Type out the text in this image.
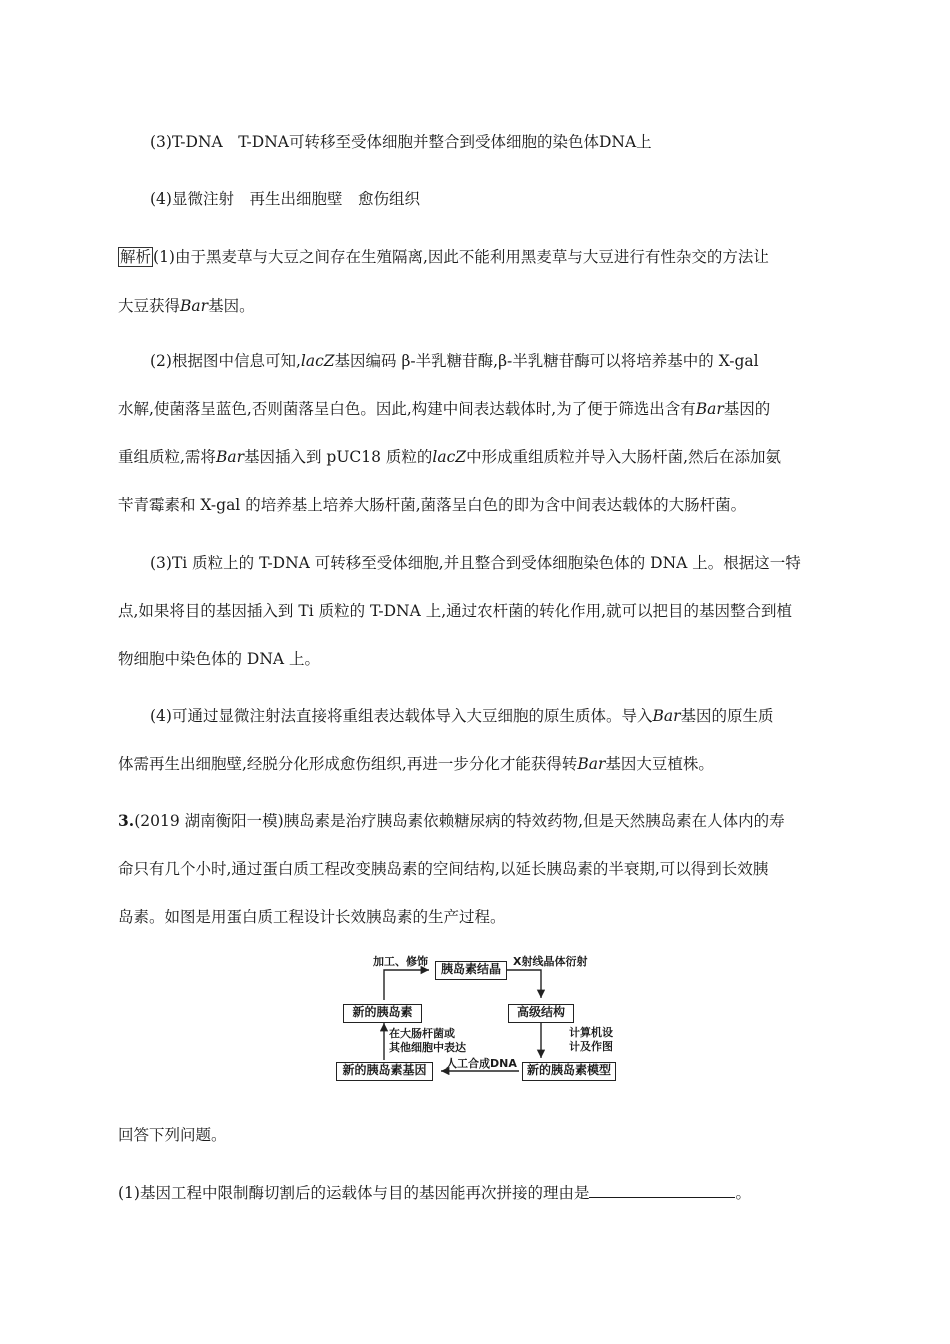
(3)T-DNA　T-DNA可转移至受体细胞并整合到受体细胞的染色体DNA上
(4)显微注射　再生出细胞壁　愈伤组织
解析 (1)由于黑麦草与大豆之间存在生殖隔离,因此不能利用黑麦草与大豆进行有性杂交的方法让
大豆获得Bar基因。
(2)根据图中信息可知,lacZ基因编码 β-半乳糖苷酶,β-半乳糖苷酶可以将培养基中的 X-gal
水解,使菌落呈蓝色,否则菌落呈白色。因此,构建中间表达载体时,为了便于筛选出含有Bar基因的
重组质粒,需将Bar基因插入到 pUC18 质粒的lacZ中形成重组质粒并导入大肠杆菌,然后在添加氨
苄青霉素和 X-gal 的培养基上培养大肠杆菌,菌落呈白色的即为含中间表达载体的大肠杆菌。
(3)Ti 质粒上的 T-DNA 可转移至受体细胞,并且整合到受体细胞染色体的 DNA 上。根据这一特
点,如果将目的基因插入到 Ti 质粒的 T-DNA 上,通过农杆菌的转化作用,就可以把目的基因整合到植
物细胞中染色体的 DNA 上。
(4)可通过显微注射法直接将重组表达载体导入大豆细胞的原生质体。导入Bar基因的原生质
体需再生出细胞壁,经脱分化形成愈伤组织,再进一步分化才能获得转Bar基因大豆植株。
3.(2019 湖南衡阳一模)胰岛素是治疗胰岛素依赖糖尿病的特效药物,但是天然胰岛素在人体内的寿
命只有几个小时,通过蛋白质工程改变胰岛素的空间结构,以延长胰岛素的半衰期,可以得到长效胰
岛素。如图是用蛋白质工程设计长效胰岛素的生产过程。
胰岛素结晶
高级结构
新的胰岛素模型
新的胰岛素基因
新的胰岛素
加工、修饰	X射线晶体衍射
计算机设
计及作图
人工合成DNA
在大肠杆菌或
其他细胞中表达
回答下列问题。
(1)基因工程中限制酶切割后的运载体与目的基因能再次拼接的理由是	。
